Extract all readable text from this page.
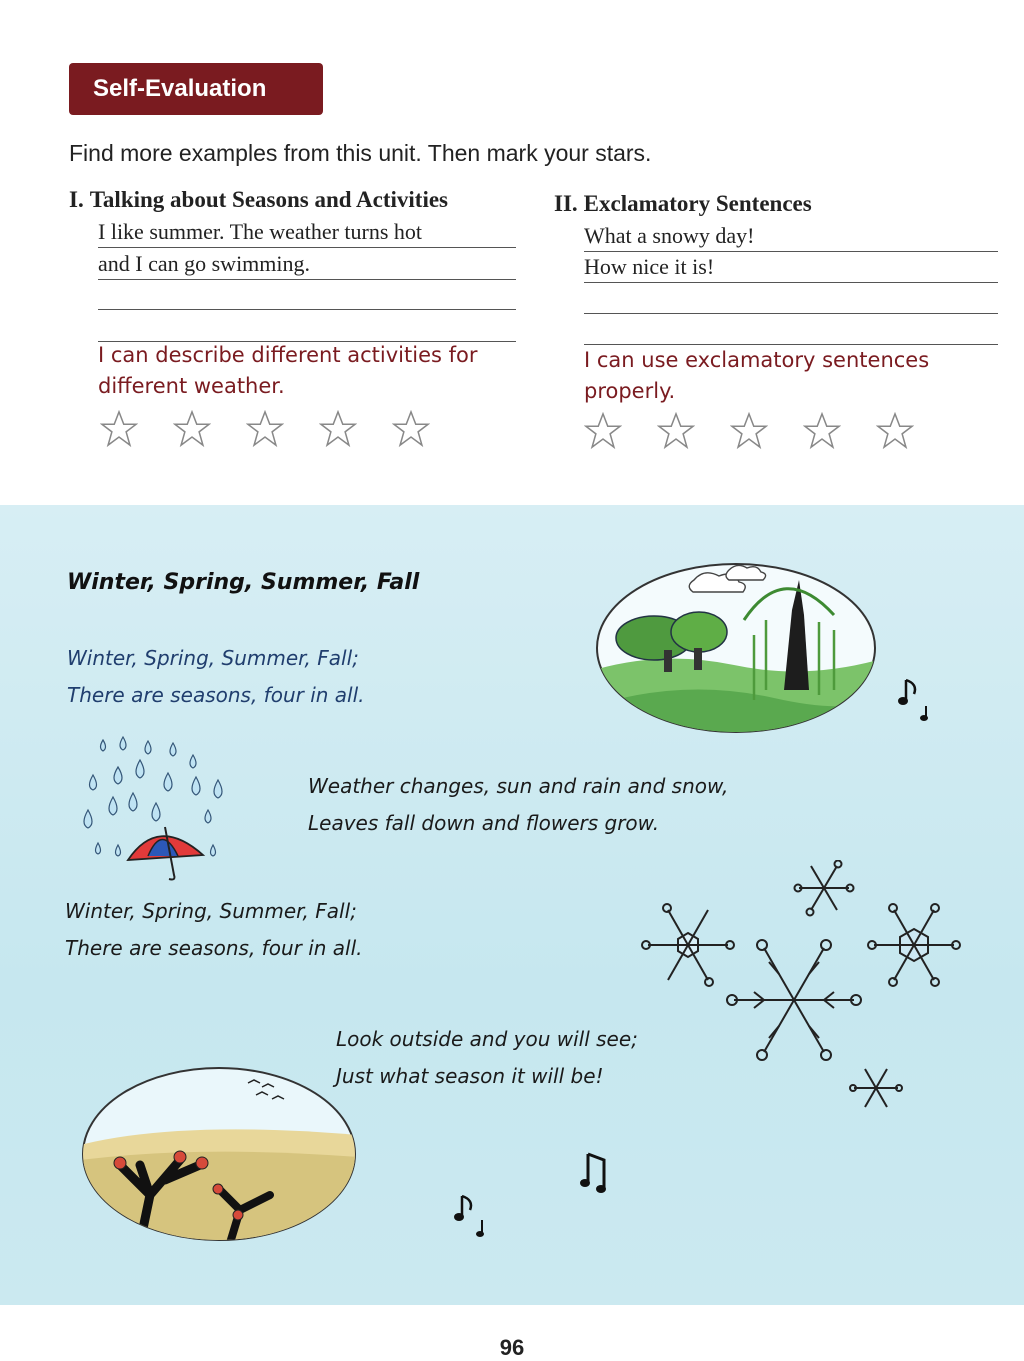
Self-Evaluation
Find more examples from this unit. Then mark your stars.
I. Talking about Seasons and Activities
I like summer. The weather turns hot
and I can go swimming.
I can describe different activities for
different weather.
II. Exclamatory Sentences
What a snowy day!
How nice it is!
I can use exclamatory sentences
properly.
Winter, Spring, Summer, Fall
Winter, Spring, Summer, Fall;
There are seasons, four in all.
Weather changes, sun and rain and snow,
Leaves fall down and flowers grow.
Winter, Spring, Summer, Fall;
There are seasons, four in all.
Look outside and you will see;
Just what season it will be!
96
